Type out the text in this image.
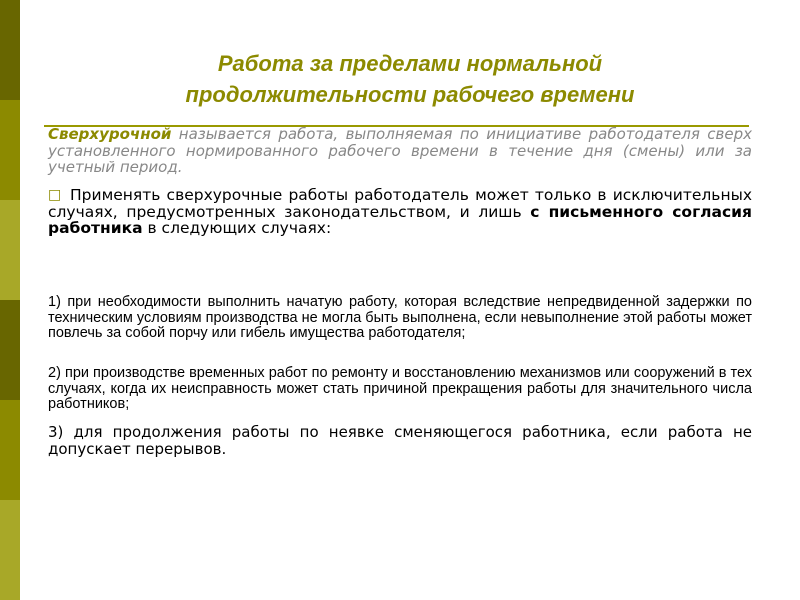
Работа за пределами нормальной
продолжительности рабочего времени
Сверхурочной называется работа, выполняемая по инициативе работодателя сверх установленного нормированного рабочего времени в течение дня (смены) или за учетный период.
□ Применять сверхурочные работы работодатель может только в исключительных случаях, предусмотренных законодательством, и лишь с письменного согласия работника в следующих случаях:
1) при необходимости выполнить начатую работу, которая вследствие непредвиденной задержки по техническим условиям производства не могла быть выполнена, если невыполнение этой работы может повлечь за собой порчу или гибель имущества работодателя;
2) при производстве временных работ по ремонту и восстановлению механизмов или сооружений в тех случаях, когда их неисправность может стать причиной прекращения работы для значительного числа работников;
3) для продолжения работы по неявке сменяющегося работника, если работа не допускает перерывов.
